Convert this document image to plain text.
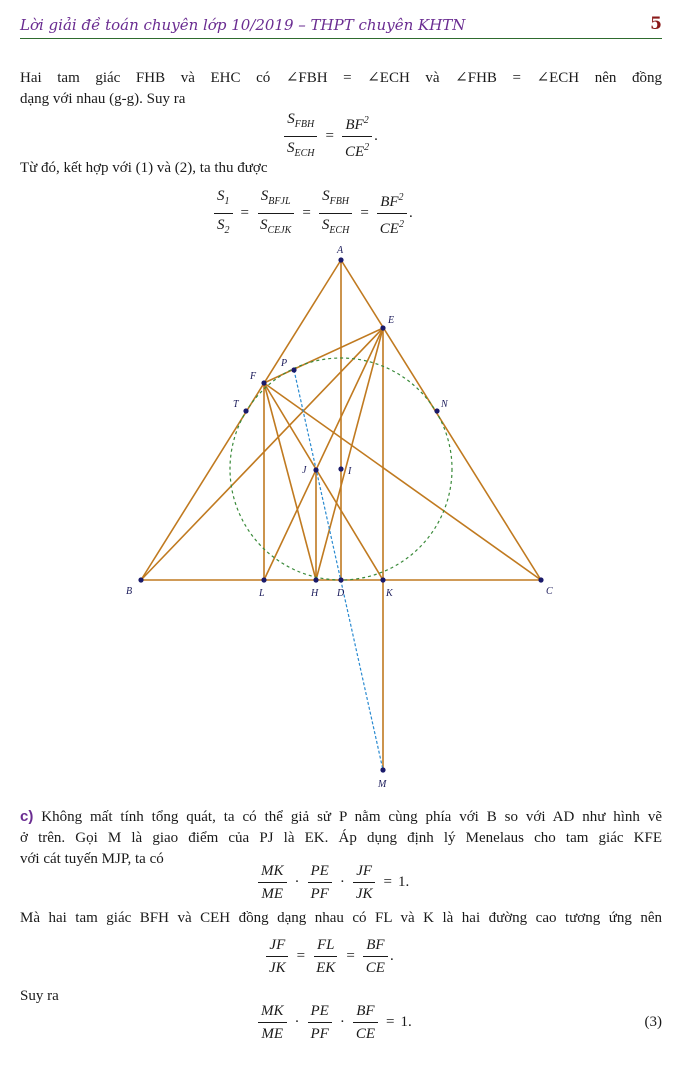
Lời giải đề toán chuyên lớp 10/2019 – THPT chuyên KHTN	5
Hai tam giác FHB và EHC có ∠FBH = ∠ECH và ∠FHB = ∠ECH nên đồng
dạng với nhau (g-g). Suy ra
$\frac{S_{FBH}}{S_{ECH}} = \frac{BF^2}{CE^2}$ .
Từ đó, kết hợp với (1) và (2), ta thu được
$\frac{S_1}{S_2} = \frac{S_{BFJL}}{S_{CEJK}} = \frac{S_{FBH}}{S_{ECH}} = \frac{BF^2}{CE^2}$ .
A
B	C
D
E
F
H
I
J
K
L
M
N
P
T
c) Không mất tính tổng quát, ta có thể giả sử P nằm cùng phía với B so với AD như hình vẽ
ở trên. Gọi M là giao điểm của PJ là EK. Áp dụng định lý Menelaus cho tam giác KFE
với cát tuyến MJP, ta có
$\frac{MK}{ME} \cdot \frac{PE}{PF} \cdot \frac{JF}{JK} = 1$.
Mà hai tam giác BFH và CEH đồng dạng nhau có FL và K là hai đường cao tương ứng nên
$\frac{JF}{JK} = \frac{FL}{EK} = \frac{BF}{CE}$ .
Suy ra
$\frac{MK}{ME} \cdot \frac{PE}{PF} \cdot \frac{BF}{CE} = 1$.	(3)
